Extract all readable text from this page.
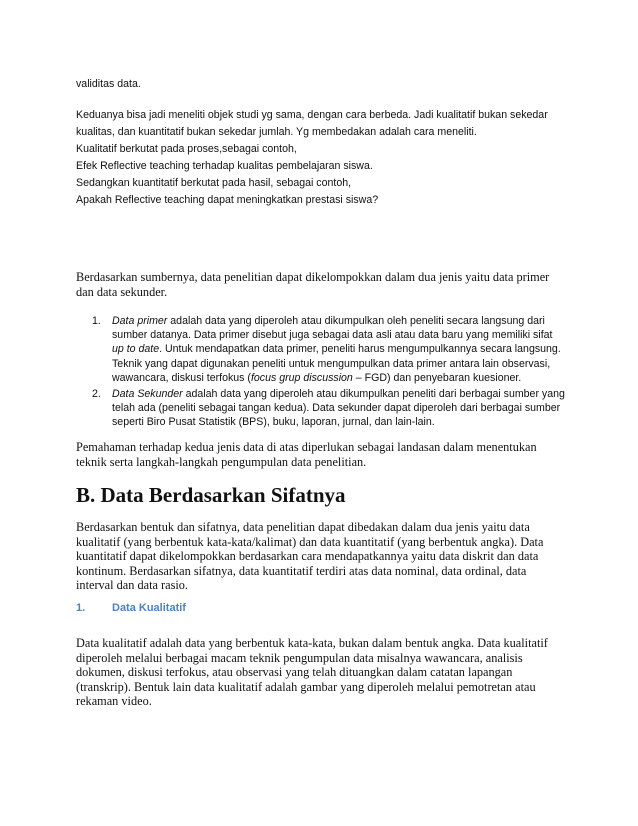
validitas data.
Keduanya bisa jadi meneliti objek studi yg sama, dengan cara berbeda. Jadi kualitatif bukan sekedar
kualitas, dan kuantitatif bukan sekedar jumlah. Yg membedakan adalah cara meneliti.
Kualitatif berkutat pada proses,sebagai contoh,
Efek Reflective teaching terhadap kualitas pembelajaran siswa.
Sedangkan kuantitatif berkutat pada hasil, sebagai contoh,
Apakah Reflective teaching dapat meningkatkan prestasi siswa?
Berdasarkan sumbernya, data penelitian dapat dikelompokkan dalam dua jenis yaitu data primer
dan data sekunder.
1. Data primer adalah data yang diperoleh atau dikumpulkan oleh peneliti secara langsung dari
sumber datanya. Data primer disebut juga sebagai data asli atau data baru yang memiliki sifat
up to date. Untuk mendapatkan data primer, peneliti harus mengumpulkannya secara langsung.
Teknik yang dapat digunakan peneliti untuk mengumpulkan data primer antara lain observasi,
wawancara, diskusi terfokus (focus grup discussion – FGD) dan penyebaran kuesioner.
2. Data Sekunder adalah data yang diperoleh atau dikumpulkan peneliti dari berbagai sumber yang
telah ada (peneliti sebagai tangan kedua). Data sekunder dapat diperoleh dari berbagai sumber
seperti Biro Pusat Statistik (BPS), buku, laporan, jurnal, dan lain-lain.
Pemahaman terhadap kedua jenis data di atas diperlukan sebagai landasan dalam menentukan
teknik serta langkah-langkah pengumpulan data penelitian.
B. Data Berdasarkan Sifatnya
Berdasarkan bentuk dan sifatnya, data penelitian dapat dibedakan dalam dua jenis yaitu data
kualitatif (yang berbentuk kata-kata/kalimat) dan data kuantitatif (yang berbentuk angka). Data
kuantitatif dapat dikelompokkan berdasarkan cara mendapatkannya yaitu data diskrit dan data
kontinum. Berdasarkan sifatnya, data kuantitatif terdiri atas data nominal, data ordinal, data
interval dan data rasio.
1. Data Kualitatif
Data kualitatif adalah data yang berbentuk kata-kata, bukan dalam bentuk angka. Data kualitatif
diperoleh melalui berbagai macam teknik pengumpulan data misalnya wawancara, analisis
dokumen, diskusi terfokus, atau observasi yang telah dituangkan dalam catatan lapangan
(transkrip). Bentuk lain data kualitatif adalah gambar yang diperoleh melalui pemotretan atau
rekaman video.
